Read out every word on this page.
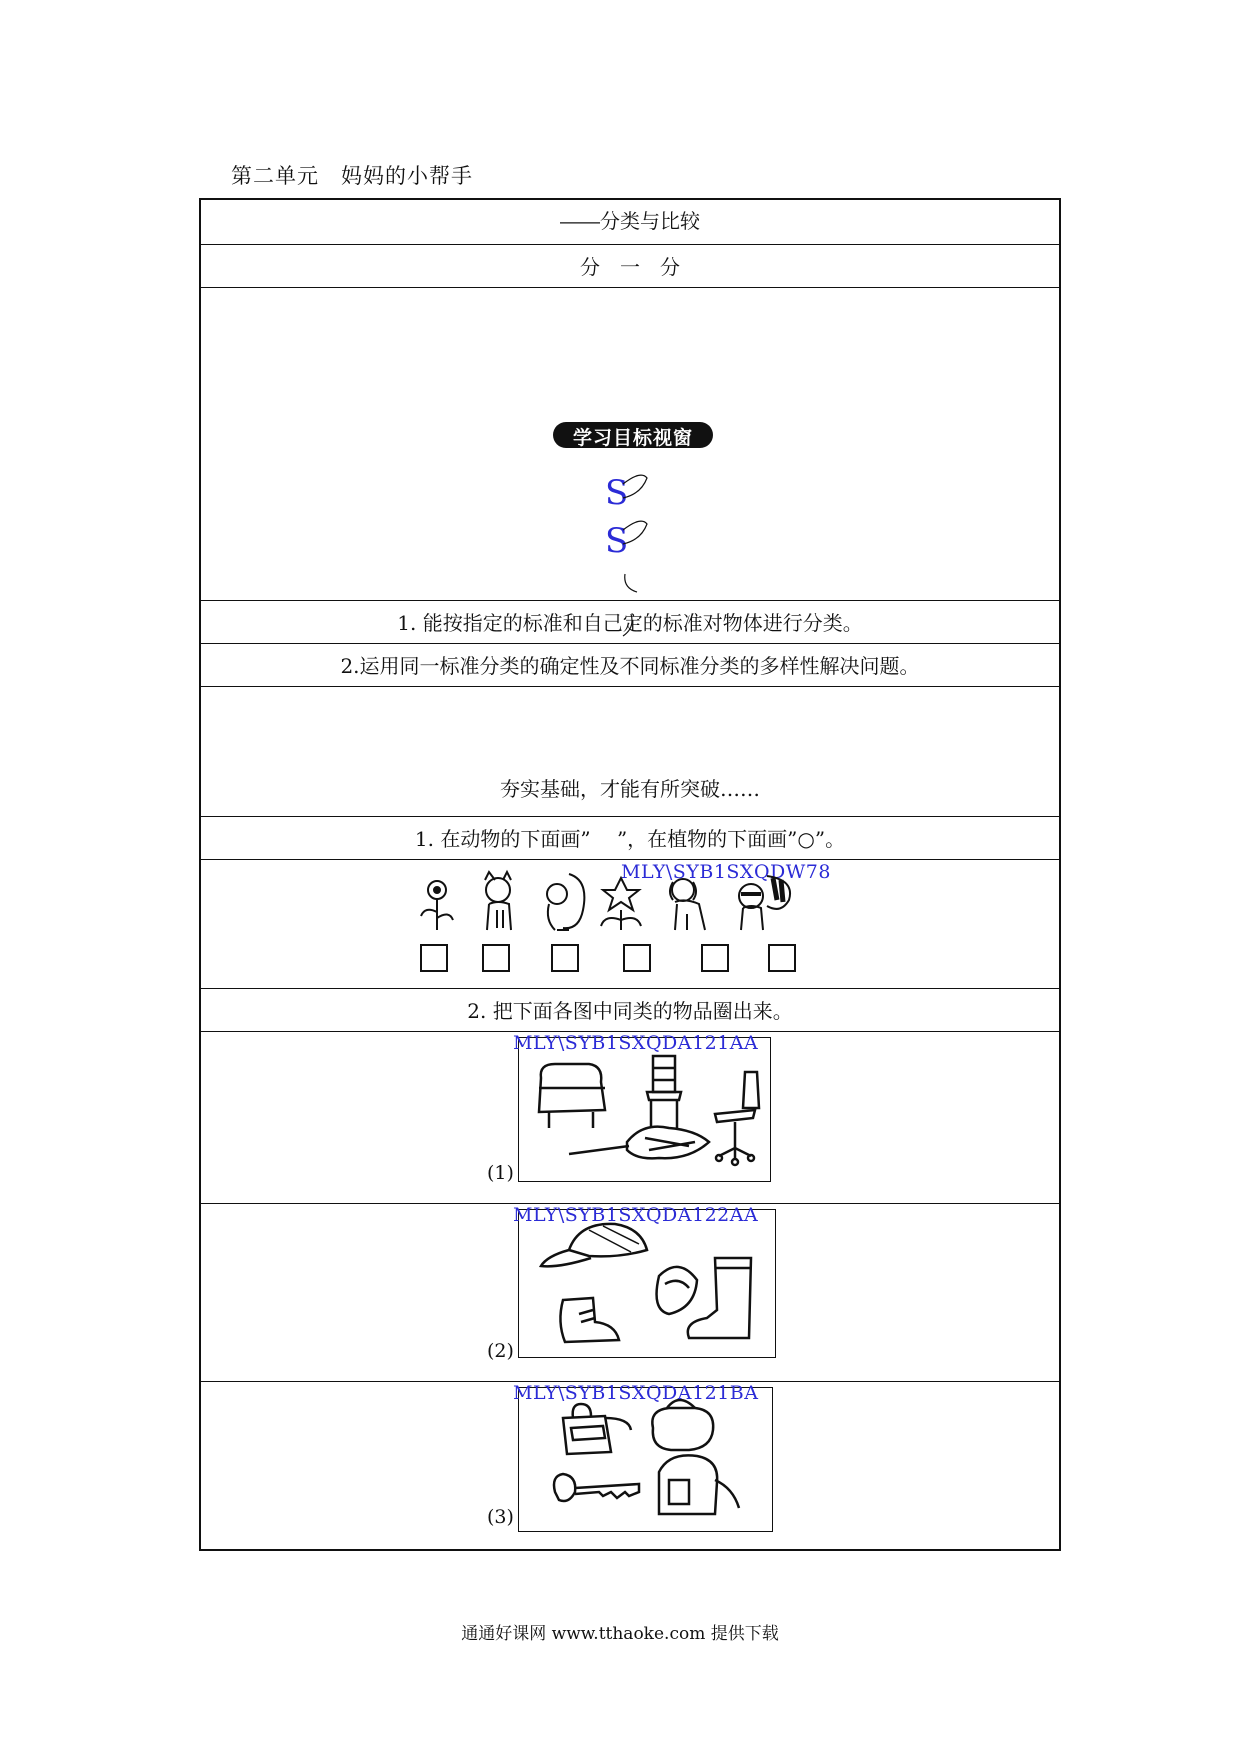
第二单元　妈妈的小帮手
――分类与比较
分　一　分
学习目标视窗
S
S
1. 能按指定的标准和自己定的标准对物体进行分类。
2.运用同一标准分类的确定性及不同标准分类的多样性解决问题。
夯实基础，才能有所突破……
1. 在动物的下面画”　 ”，在植物的下面画”○”。
MLY\SYB1SXQDW78
2. 把下面各图中同类的物品圈出来。
MLY\SYB1SXQDA121AA
(1)
MLY\SYB1SXQDA122AA
(2)
MLY\SYB1SXQDA121BA
(3)
通通好课网 www.tthaoke.com 提供下载
